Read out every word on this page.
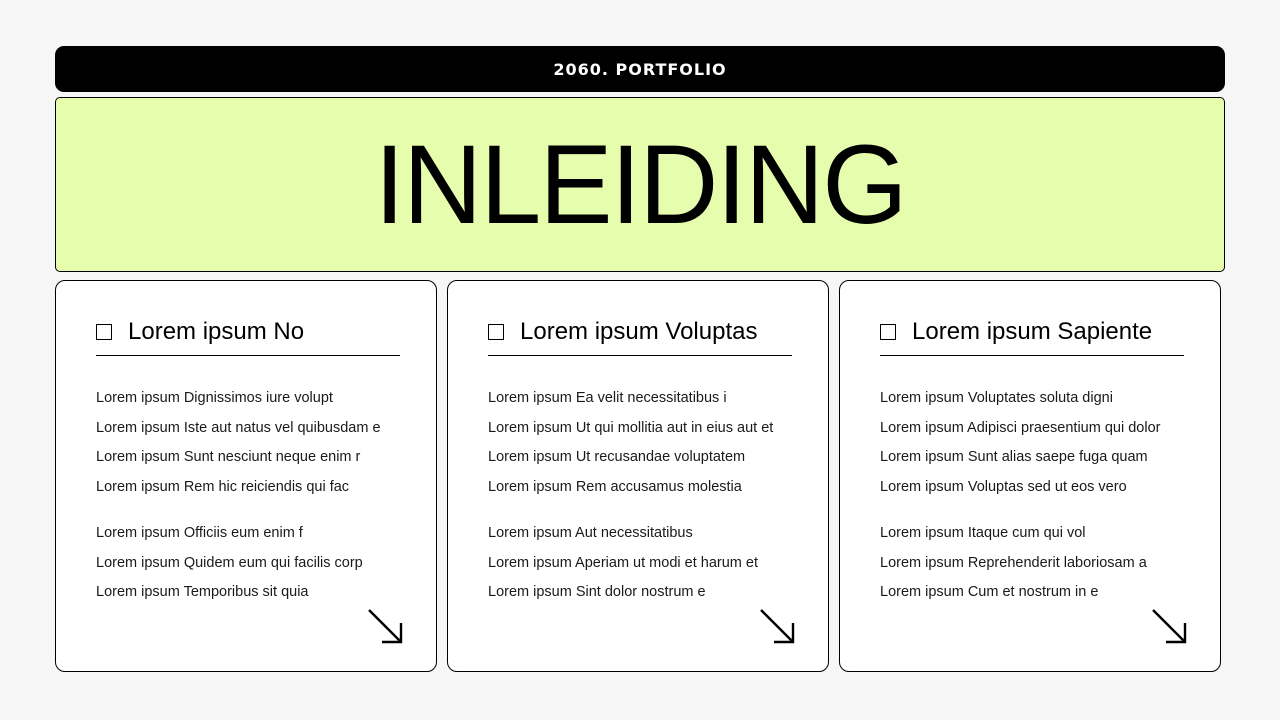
2060. PORTFOLIO
INLEIDING
Lorem ipsum No
Lorem ipsum Dignissimos iure volupt
Lorem ipsum Iste aut natus vel quibusdam e
Lorem ipsum Sunt nesciunt neque enim r
Lorem ipsum Rem hic reiciendis qui fac
Lorem ipsum Officiis eum enim f
Lorem ipsum Quidem eum qui facilis corp
Lorem ipsum Temporibus sit quia
Lorem ipsum Voluptas
Lorem ipsum Ea velit necessitatibus i
Lorem ipsum Ut qui mollitia aut in eius aut et
Lorem ipsum Ut recusandae voluptatem
Lorem ipsum Rem accusamus molestia
Lorem ipsum Aut necessitatibus
Lorem ipsum Aperiam ut modi et harum et
Lorem ipsum Sint dolor nostrum e
Lorem ipsum Sapiente
Lorem ipsum Voluptates soluta digni
Lorem ipsum Adipisci praesentium qui dolor
Lorem ipsum Sunt alias saepe fuga quam
Lorem ipsum Voluptas sed ut eos vero
Lorem ipsum Itaque cum qui vol
Lorem ipsum Reprehenderit laboriosam a
Lorem ipsum Cum et nostrum in e
